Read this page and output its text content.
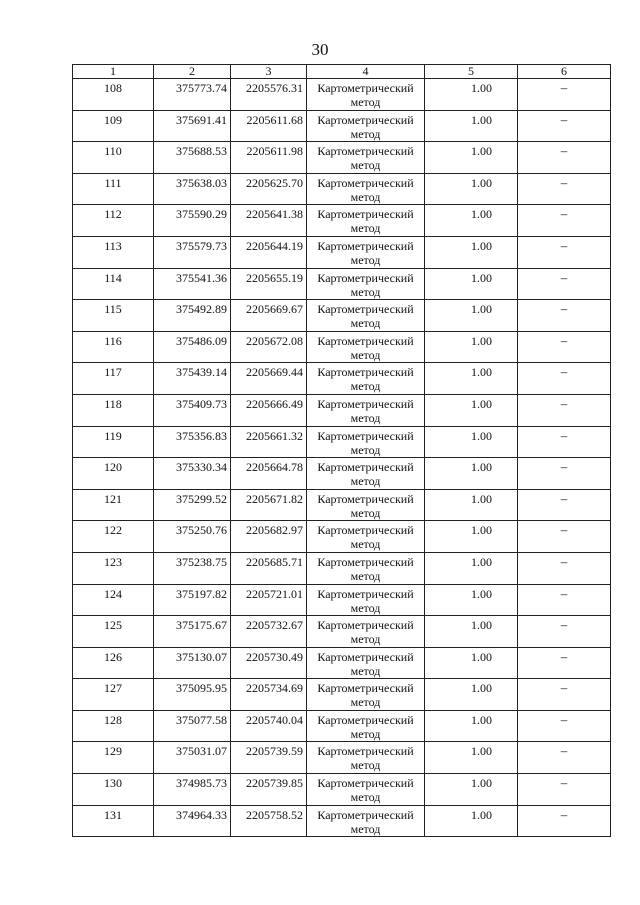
30
1	2	3	4	5	6
108	375773.74	2205576.31	Картометрический
метод	1.00	–
109	375691.41	2205611.68	Картометрический
метод	1.00	–
110	375688.53	2205611.98	Картометрический
метод	1.00	–
111	375638.03	2205625.70	Картометрический
метод	1.00	–
112	375590.29	2205641.38	Картометрический
метод	1.00	–
113	375579.73	2205644.19	Картометрический
метод	1.00	–
114	375541.36	2205655.19	Картометрический
метод	1.00	–
115	375492.89	2205669.67	Картометрический
метод	1.00	–
116	375486.09	2205672.08	Картометрический
метод	1.00	–
117	375439.14	2205669.44	Картометрический
метод	1.00	–
118	375409.73	2205666.49	Картометрический
метод	1.00	–
119	375356.83	2205661.32	Картометрический
метод	1.00	–
120	375330.34	2205664.78	Картометрический
метод	1.00	–
121	375299.52	2205671.82	Картометрический
метод	1.00	–
122	375250.76	2205682.97	Картометрический
метод	1.00	–
123	375238.75	2205685.71	Картометрический
метод	1.00	–
124	375197.82	2205721.01	Картометрический
метод	1.00	–
125	375175.67	2205732.67	Картометрический
метод	1.00	–
126	375130.07	2205730.49	Картометрический
метод	1.00	–
127	375095.95	2205734.69	Картометрический
метод	1.00	–
128	375077.58	2205740.04	Картометрический
метод	1.00	–
129	375031.07	2205739.59	Картометрический
метод	1.00	–
130	374985.73	2205739.85	Картометрический
метод	1.00	–
131	374964.33	2205758.52	Картометрический
метод	1.00	–
